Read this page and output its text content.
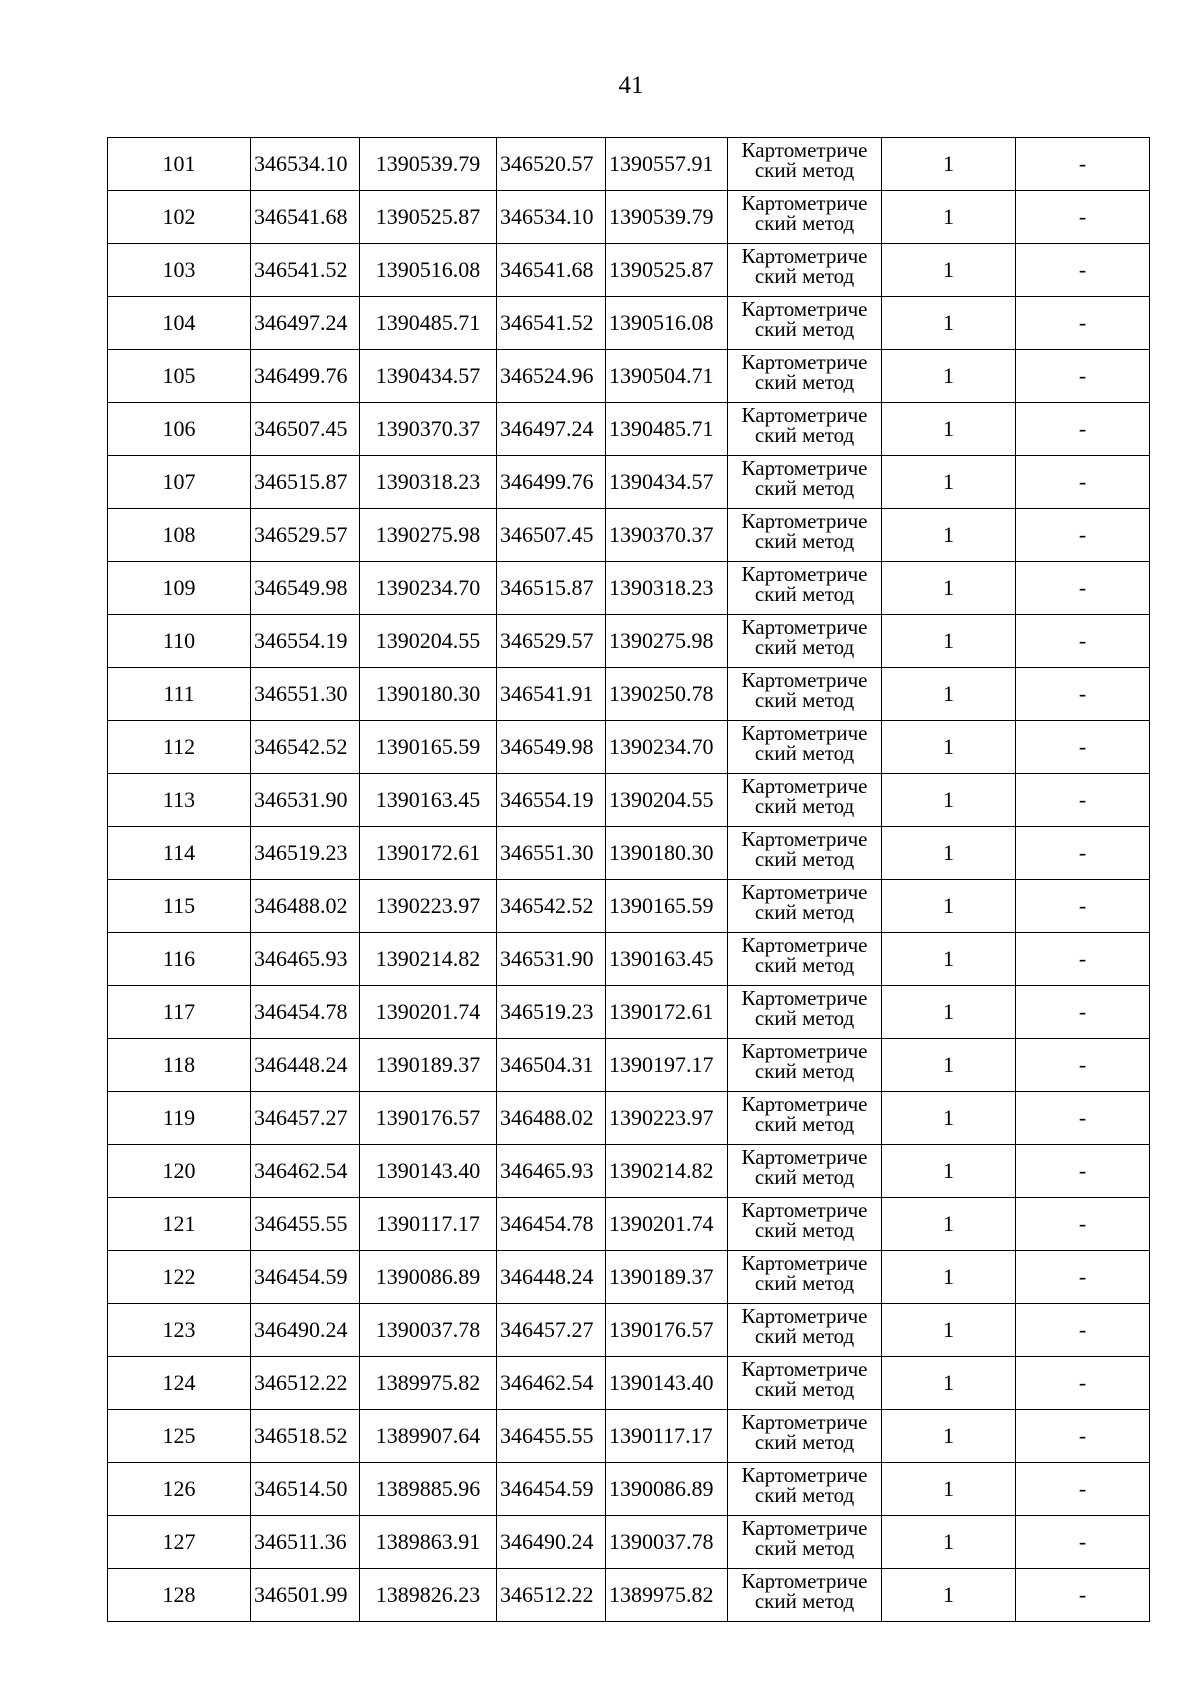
41
101	346534.10	1390539.79	346520.57	1390557.91	Картометриче
ский метод	1	-
102	346541.68	1390525.87	346534.10	1390539.79	Картометриче
ский метод	1	-
103	346541.52	1390516.08	346541.68	1390525.87	Картометриче
ский метод	1	-
104	346497.24	1390485.71	346541.52	1390516.08	Картометриче
ский метод	1	-
105	346499.76	1390434.57	346524.96	1390504.71	Картометриче
ский метод	1	-
106	346507.45	1390370.37	346497.24	1390485.71	Картометриче
ский метод	1	-
107	346515.87	1390318.23	346499.76	1390434.57	Картометриче
ский метод	1	-
108	346529.57	1390275.98	346507.45	1390370.37	Картометриче
ский метод	1	-
109	346549.98	1390234.70	346515.87	1390318.23	Картометриче
ский метод	1	-
110	346554.19	1390204.55	346529.57	1390275.98	Картометриче
ский метод	1	-
111	346551.30	1390180.30	346541.91	1390250.78	Картометриче
ский метод	1	-
112	346542.52	1390165.59	346549.98	1390234.70	Картометриче
ский метод	1	-
113	346531.90	1390163.45	346554.19	1390204.55	Картометриче
ский метод	1	-
114	346519.23	1390172.61	346551.30	1390180.30	Картометриче
ский метод	1	-
115	346488.02	1390223.97	346542.52	1390165.59	Картометриче
ский метод	1	-
116	346465.93	1390214.82	346531.90	1390163.45	Картометриче
ский метод	1	-
117	346454.78	1390201.74	346519.23	1390172.61	Картометриче
ский метод	1	-
118	346448.24	1390189.37	346504.31	1390197.17	Картометриче
ский метод	1	-
119	346457.27	1390176.57	346488.02	1390223.97	Картометриче
ский метод	1	-
120	346462.54	1390143.40	346465.93	1390214.82	Картометриче
ский метод	1	-
121	346455.55	1390117.17	346454.78	1390201.74	Картометриче
ский метод	1	-
122	346454.59	1390086.89	346448.24	1390189.37	Картометриче
ский метод	1	-
123	346490.24	1390037.78	346457.27	1390176.57	Картометриче
ский метод	1	-
124	346512.22	1389975.82	346462.54	1390143.40	Картометриче
ский метод	1	-
125	346518.52	1389907.64	346455.55	1390117.17	Картометриче
ский метод	1	-
126	346514.50	1389885.96	346454.59	1390086.89	Картометриче
ский метод	1	-
127	346511.36	1389863.91	346490.24	1390037.78	Картометриче
ский метод	1	-
128	346501.99	1389826.23	346512.22	1389975.82	Картометриче
ский метод	1	-
